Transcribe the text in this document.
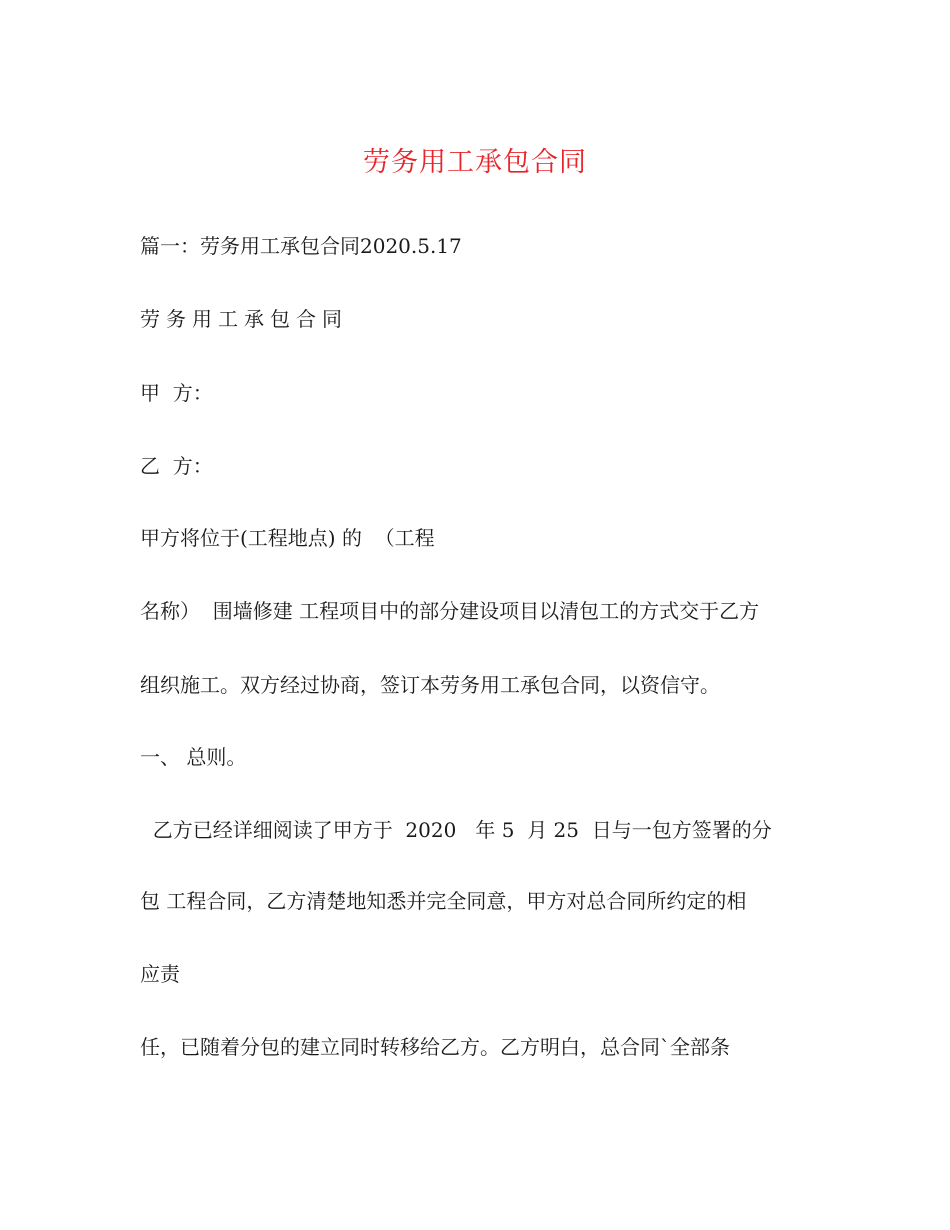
劳务用工承包合同
篇一：劳务用工承包合同2020.5.17
劳务用工承包合同
甲  方：
乙  方：
甲方将位于(工程地点) 的  （工程
名称）  围墙修建 工程项目中的部分建设项目以清包工的方式交于乙方
组织施工。双方经过协商，签订本劳务用工承包合同，以资信守。
一、 总则。
乙方已经详细阅读了甲方于  2020   年 5  月 25  日与一包方签署的分
包 工程合同，乙方清楚地知悉并完全同意，甲方对总合同所约定的相
应责
任，已随着分包的建立同时转移给乙方。乙方明白，总合同`全部条
